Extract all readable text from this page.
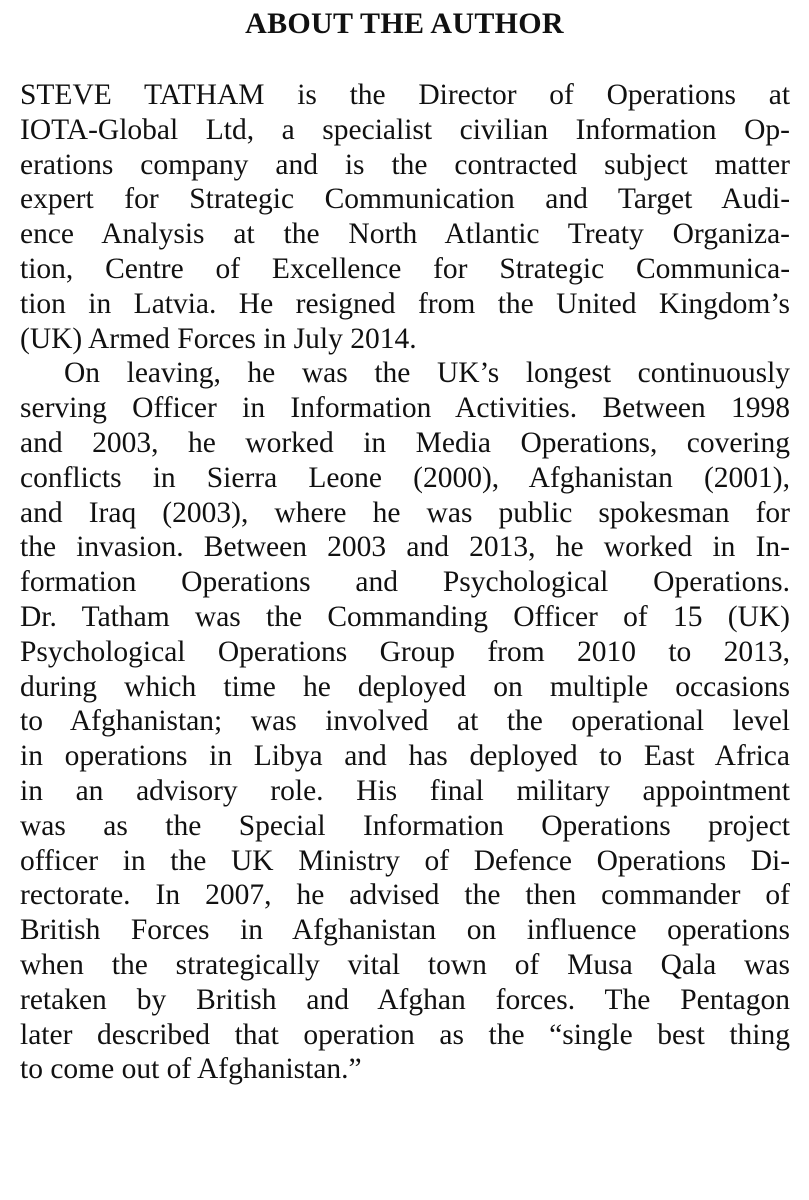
ABOUT THE AUTHOR

STEVE TATHAM is the Director of Operations at
IOTA-Global Ltd, a specialist civilian Information Op-
erations company and is the contracted subject matter
expert for Strategic Communication and Target Audi-
ence Analysis at the North Atlantic Treaty Organiza-
tion, Centre of Excellence for Strategic Communica-
tion in Latvia. He resigned from the United Kingdom’s
(UK) Armed Forces in July 2014.

On leaving, he was the UK’s longest continuously
serving Officer in Information Activities. Between 1998
and 2003, he worked in Media Operations, covering
conflicts in Sierra Leone (2000), Afghanistan (2001),
and Iraq (2003), where he was public spokesman for
the invasion. Between 2003 and 2013, he worked in In-
formation Operations and Psychological Operations.
Dr. Tatham was the Commanding Officer of 15 (UK)
Psychological Operations Group from 2010 to 2013,
during which time he deployed on multiple occasions
to Afghanistan; was involved at the operational level
in operations in Libya and has deployed to East Africa
in an advisory role. His final military appointment
was as the Special Information Operations project
officer in the UK Ministry of Defence Operations Di-
rectorate. In 2007, he advised the then commander of
British Forces in Afghanistan on influence operations
when the strategically vital town of Musa Qala was
retaken by British and Afghan forces. The Pentagon
later described that operation as the “single best thing
to come out of Afghanistan.”
